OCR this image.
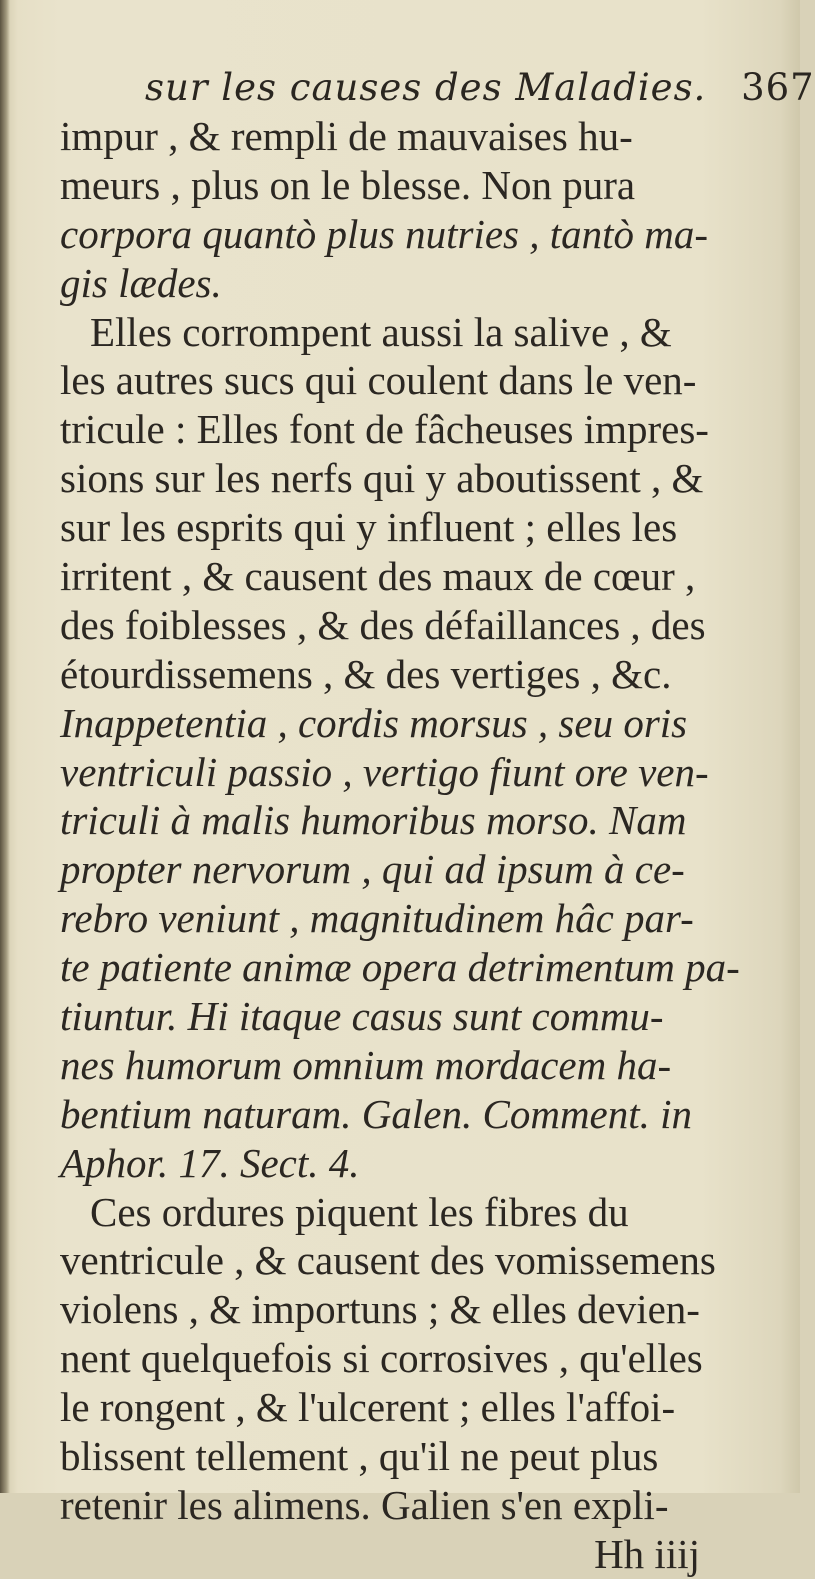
sur les causes des Maladies. 367
impur , & rempli de mauvaises hu-
meurs , plus on le blesse. Non pura
corpora quantò plus nutries , tantò ma-
gis lædes.
Elles corrompent aussi la salive , &
les autres sucs qui coulent dans le ven-
tricule : Elles font de fâcheuses impres-
sions sur les nerfs qui y aboutissent , &
sur les esprits qui y influent ; elles les
irritent , & causent des maux de cœur ,
des foiblesses , & des défaillances , des
étourdissemens , & des vertiges , &c.
Inappetentia , cordis morsus , seu oris
ventriculi passio , vertigo fiunt ore ven-
triculi à malis humoribus morso. Nam
propter nervorum , qui ad ipsum à ce-
rebro veniunt , magnitudinem hâc par-
te patiente animæ opera detrimentum pa-
tiuntur. Hi itaque casus sunt commu-
nes humorum omnium mordacem ha-
bentium naturam. Galen. Comment. in
Aphor. 17. Sect. 4.
Ces ordures piquent les fibres du
ventricule , & causent des vomissemens
violens , & importuns ; & elles devien-
nent quelquefois si corrosives , qu'elles
le rongent , & l'ulcerent ; elles l'affoi-
blissent tellement , qu'il ne peut plus
retenir les alimens. Galien s'en expli-
Hh iiij
